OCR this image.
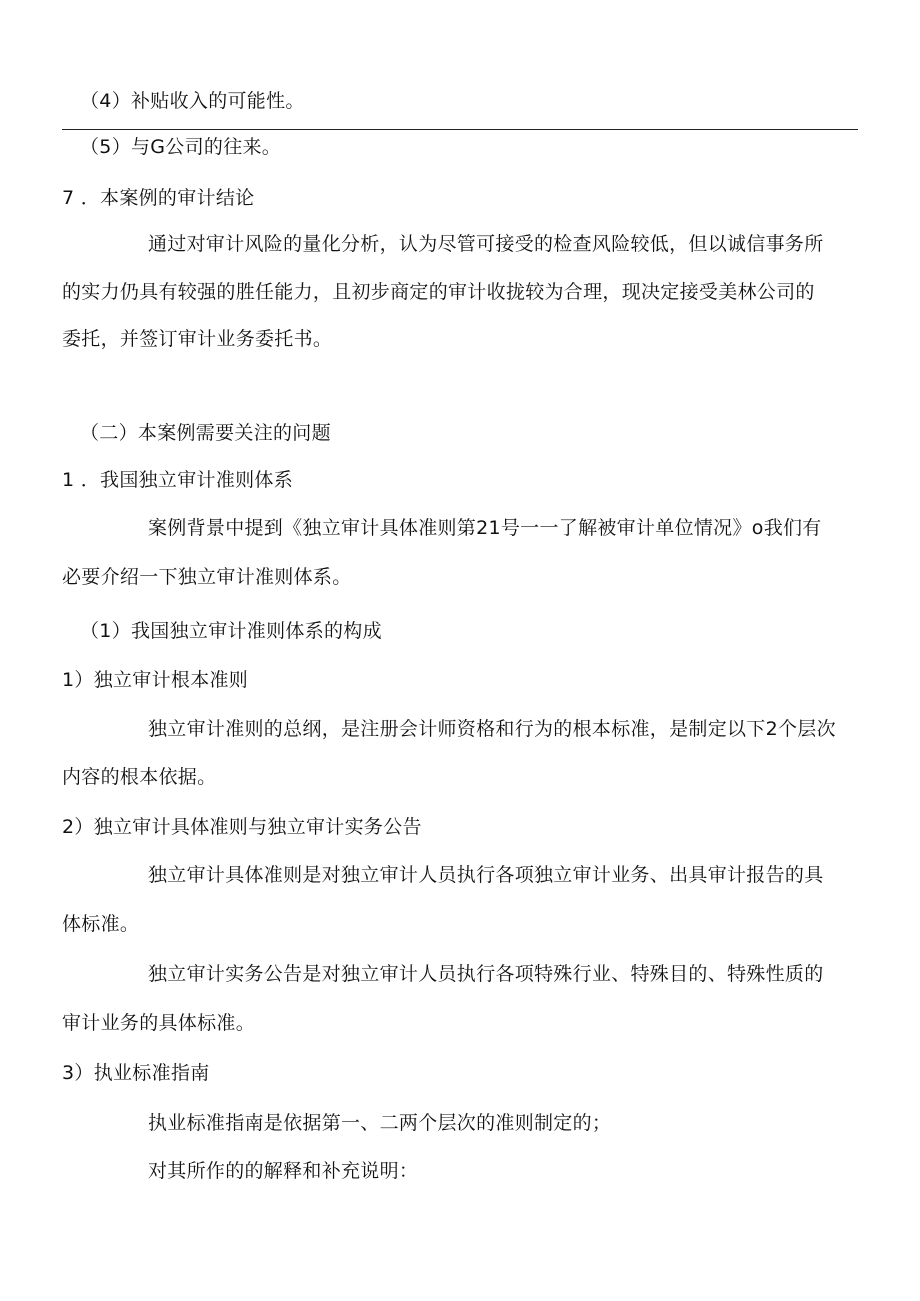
（4）补贴收入的可能性。
（5）与G公司的往来。
7 ．本案例的审计结论
通过对审计风险的量化分析，认为尽管可接受的检查风险较低，但以诚信事务所
的实力仍具有较强的胜任能力，且初步商定的审计收拢较为合理，现决定接受美林公司的
委托，并签订审计业务委托书。
（二）本案例需要关注的问题
1 ．我国独立审计准则体系
案例背景中提到《独立审计具体准则第21号一一了解被审计单位情况》o我们有
必要介绍一下独立审计准则体系。
（1）我国独立审计准则体系的构成
1）独立审计根本准则
独立审计准则的总纲，是注册会计师资格和行为的根本标准，是制定以下2个层次
内容的根本依据。
2）独立审计具体准则与独立审计实务公告
独立审计具体准则是对独立审计人员执行各项独立审计业务、出具审计报告的具
体标准。
独立审计实务公告是对独立审计人员执行各项特殊行业、特殊目的、特殊性质的
审计业务的具体标准。
3）执业标准指南
执业标准指南是依据第一、二两个层次的准则制定的；
对其所作的的解释和补充说明：
